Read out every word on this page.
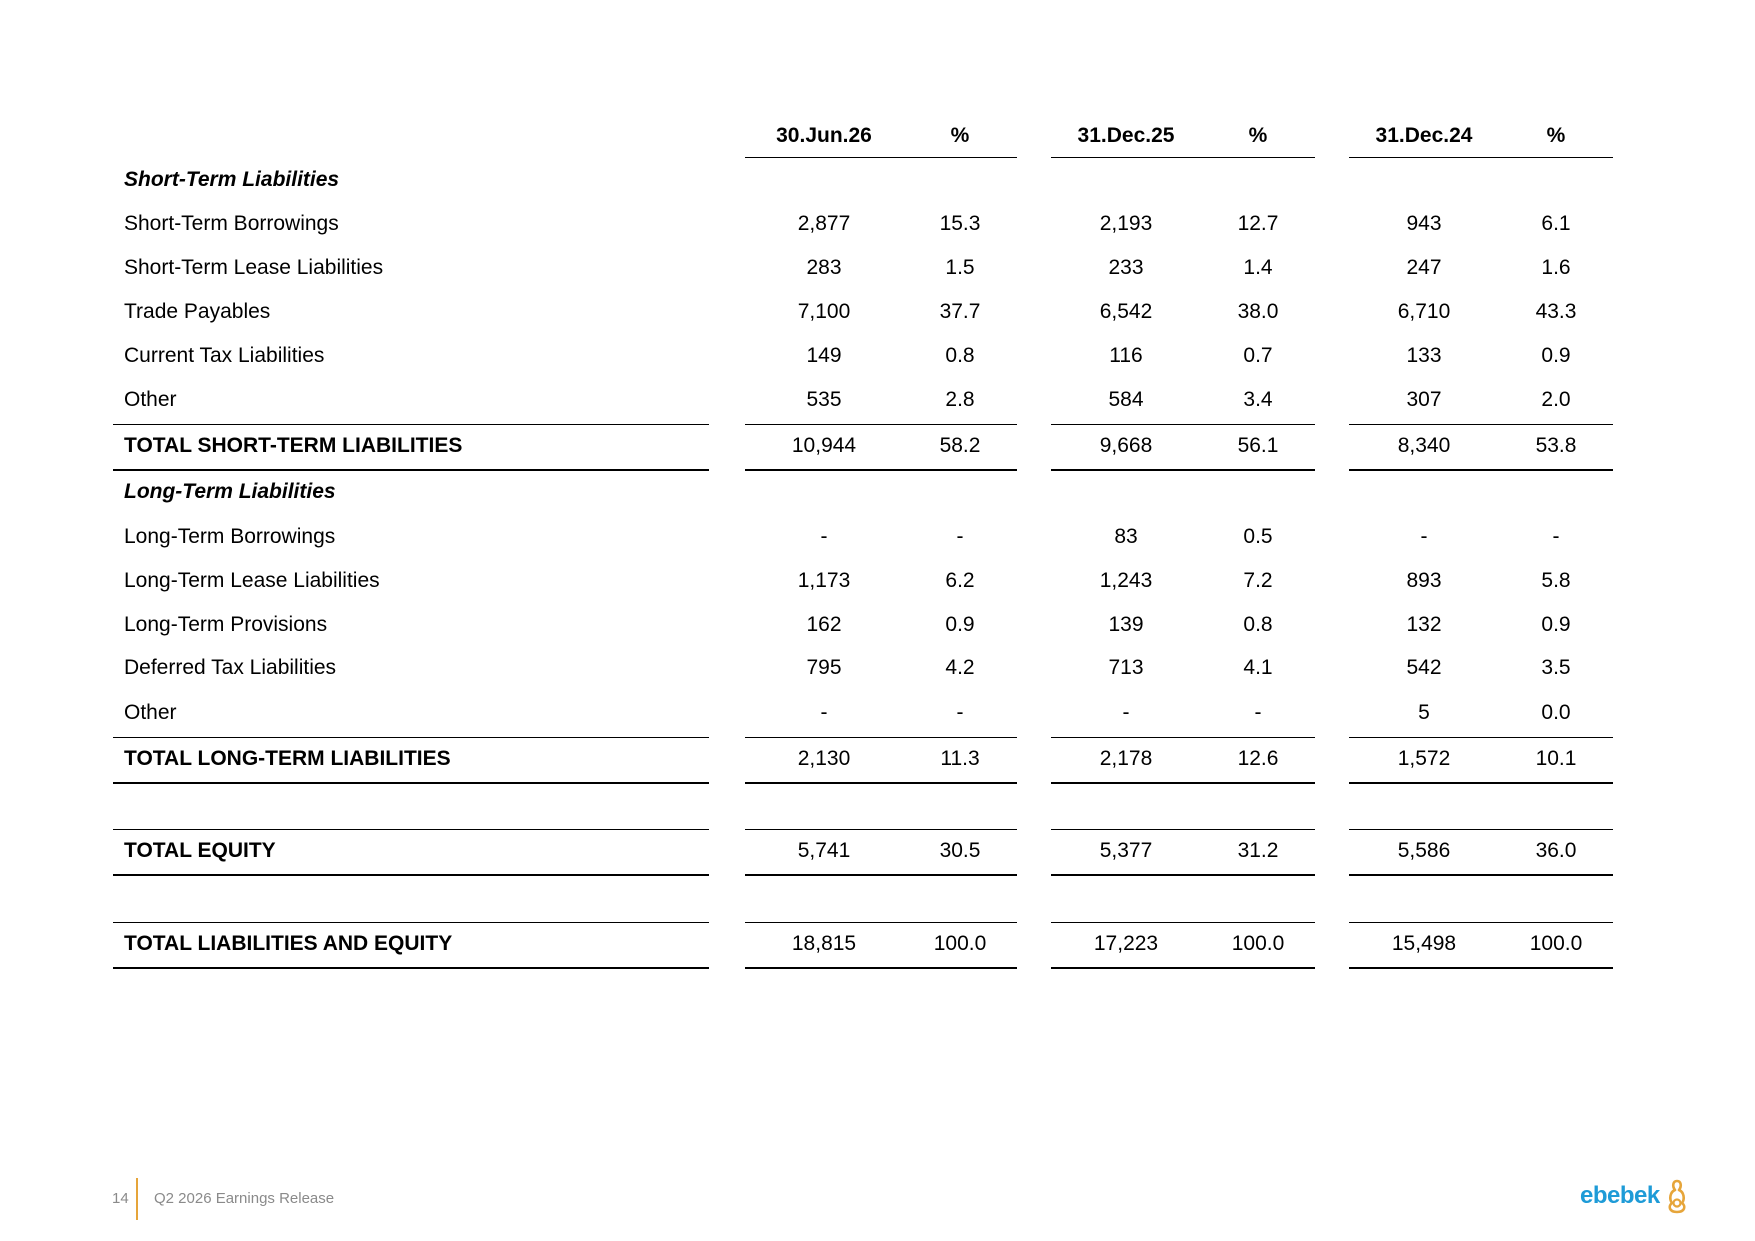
30.Jun.26	%	31.Dec.25	%	31.Dec.24	%
Short-Term Liabilities
Short-Term Borrowings	2,877	15.3	2,193	12.7	943	6.1
Short-Term Lease Liabilities	283	1.5	233	1.4	247	1.6
Trade Payables	7,100	37.7	6,542	38.0	6,710	43.3
Current Tax Liabilities	149	0.8	116	0.7	133	0.9
Other	535	2.8	584	3.4	307	2.0
TOTAL SHORT-TERM LIABILITIES	10,944	58.2	9,668	56.1	8,340	53.8
Long-Term Liabilities
Long-Term Borrowings	-	-	83	0.5	-	-
Long-Term Lease Liabilities	1,173	6.2	1,243	7.2	893	5.8
Long-Term Provisions	162	0.9	139	0.8	132	0.9
Deferred Tax Liabilities	795	4.2	713	4.1	542	3.5
Other	-	-	-	-	5	0.0
TOTAL LONG-TERM LIABILITIES	2,130	11.3	2,178	12.6	1,572	10.1
TOTAL EQUITY	5,741	30.5	5,377	31.2	5,586	36.0
TOTAL LIABILITIES AND EQUITY	18,815	100.0	17,223	100.0	15,498	100.0
14 Q2 2026 Earnings Release	ebebek
